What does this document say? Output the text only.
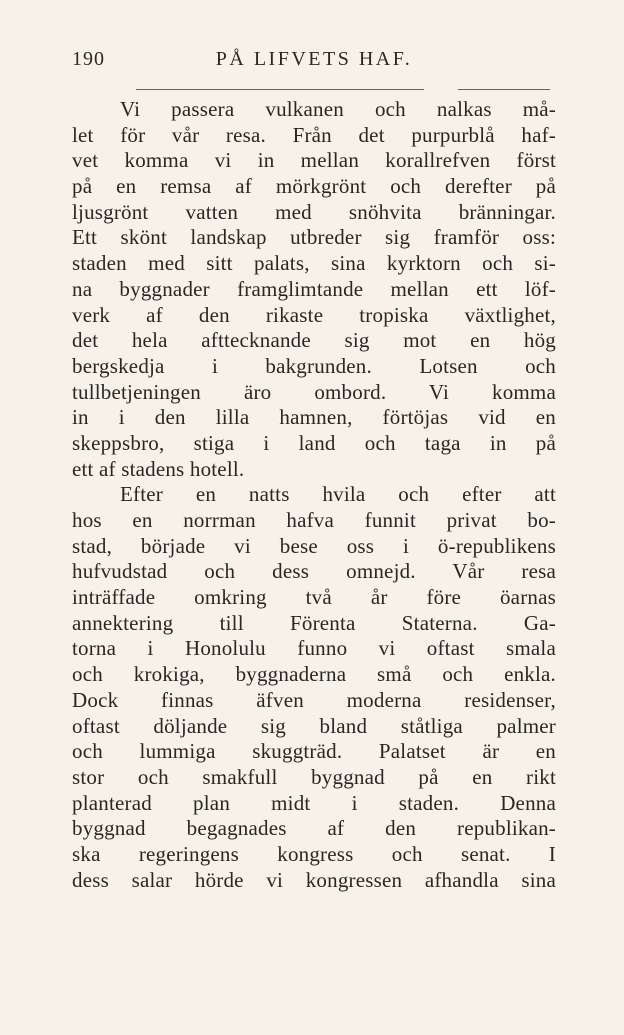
190	PÅ LIFVETS HAF.
Vi passera vulkanen och nalkas må-
let för vår resa. Från det purpurblå haf-
vet komma vi in mellan korallrefven först
på en remsa af mörkgrönt och derefter på
ljusgrönt vatten med snöhvita bränningar.
Ett skönt landskap utbreder sig framför oss:
staden med sitt palats, sina kyrktorn och si-
na byggnader framglimtande mellan ett löf-
verk af den rikaste tropiska växtlighet,
det hela afttecknande sig mot en hög
bergskedja i bakgrunden. Lotsen och
tullbetjeningen äro ombord. Vi komma
in i den lilla hamnen, förtöjas vid en
skeppsbro, stiga i land och taga in på
ett af stadens hotell.
Efter en natts hvila och efter att
hos en norrman hafva funnit privat bo-
stad, började vi bese oss i ö-republikens
hufvudstad och dess omnejd. Vår resa
inträffade omkring två år före öarnas
annektering till Förenta Staterna. Ga-
torna i Honolulu funno vi oftast smala
och krokiga, byggnaderna små och enkla.
Dock finnas äfven moderna residenser,
oftast döljande sig bland ståtliga palmer
och lummiga skuggträd. Palatset är en
stor och smakfull byggnad på en rikt
planterad plan midt i staden. Denna
byggnad begagnades af den republikan-
ska regeringens kongress och senat. I
dess salar hörde vi kongressen afhandla sina
